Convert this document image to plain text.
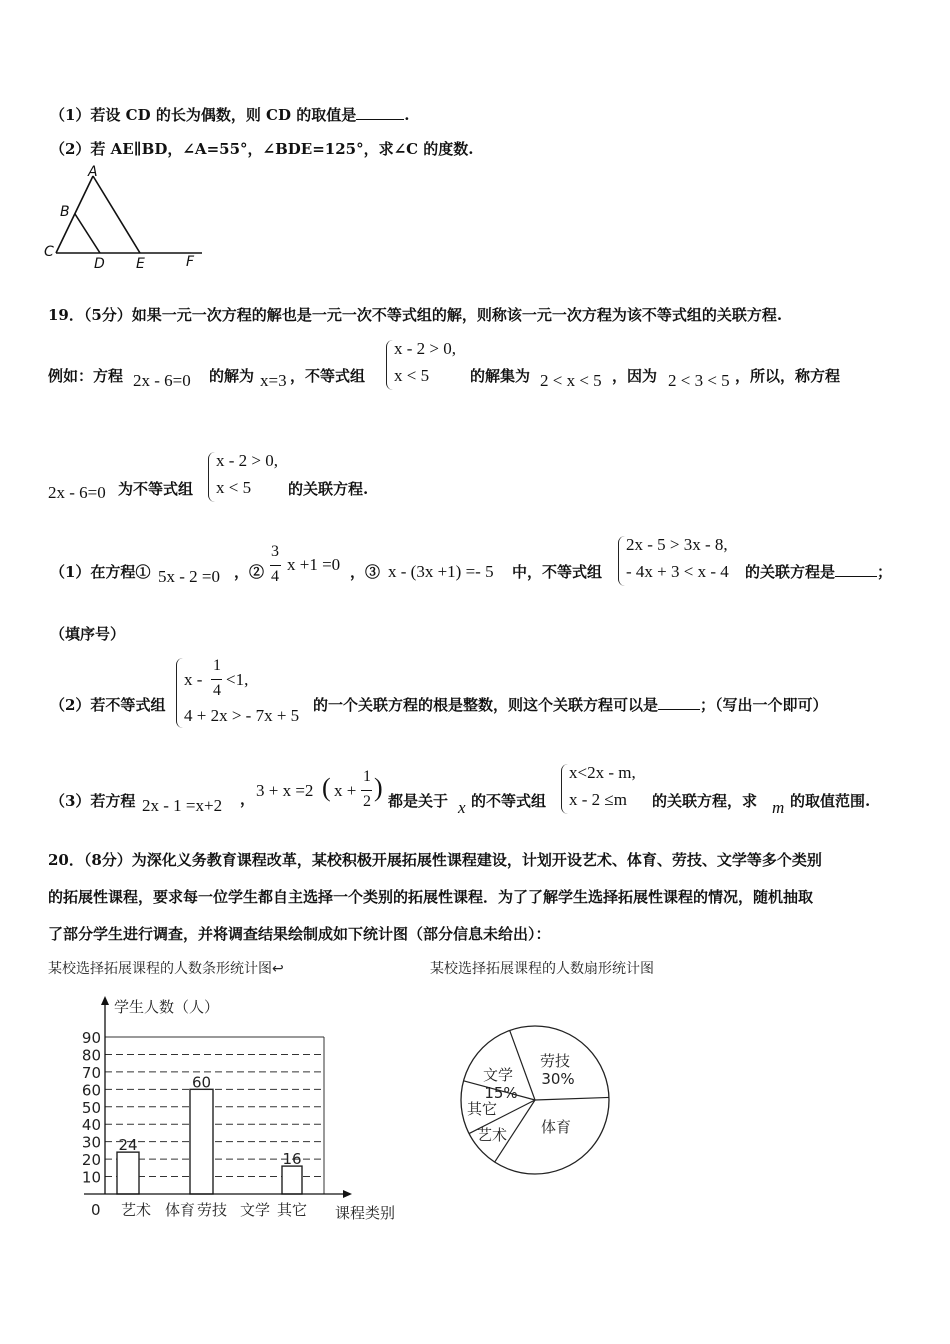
（1）若设 CD 的长为偶数，则 CD 的取值是	.
（2）若 AE∥BD，∠A=55°，∠BDE=125°，求∠C 的度数.
A
B
C
D E	F
19．（5分）如果一元一次方程的解也是一元一次不等式组的解，则称该一元一次方程为该不等式组的关联方程.
例如：方程 2x - 6=0 的解为 x=3 ，不等式组
x - 2 > 0,
x < 5	的解集为 2 < x < 5 ，因为 2 < 3 < 5 ，所以，称方程
2x - 6=0 为不等式组
x - 2 > 0,
x < 5 的关联方程.
（1）在方程① 5x - 2 =0 ，②
3
4
x +1 =0 ，③ x - (3x +1) =- 5 中，不等式组
2x - 5 > 3x - 8,
- 4x + 3 < x - 4 的关联方程是	；
（填序号）
（2）若不等式组
x -
1
4
<1,
4 + 2x > - 7x + 5
的一个关联方程的根是整数，则这个关联方程可以是	；（写出一个即可）
（3）若方程 2x - 1 =x+2 ， 3 + x =2 ( x +
1
2 ) 都是关于 x 的不等式组
x<2x - m,
x - 2 ≤m 的关联方程，求 m 的取值范围.
20．（8分）为深化义务教育课程改革，某校积极开展拓展性课程建设，计划开设艺术、体育、劳技、文学等多个类别
的拓展性课程，要求每一位学生都自主选择一个类别的拓展性课程．为了了解学生选择拓展性课程的情况，随机抽取
了部分学生进行调查，并将调查结果绘制成如下统计图（部分信息未给出）：
某校选择拓展课程的人数条形统计图↩	某校选择拓展课程的人数扇形统计图
10
20
30
40
50
60
70
80
90
24
60
16
艺术 体育 劳技 文学 其它
学生人数（人）
课程类别
0
劳技
30%
体育
艺术
其它
文学
15%
